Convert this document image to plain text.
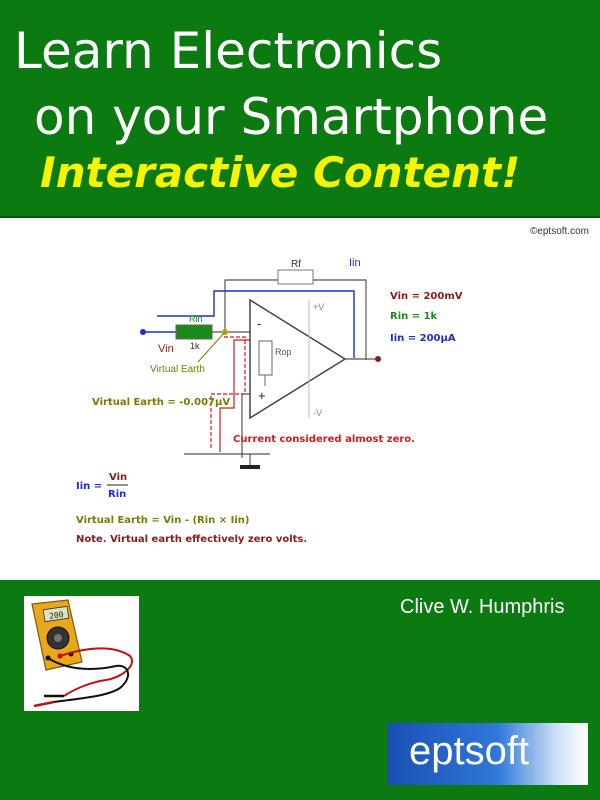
Learn Electronics
on your Smartphone
Interactive Content!
©eptsoft.com
Rf	Iin
Rin
1k
Vin
Virtual Earth
Rop
-
+
+V
-V
Vin = 200mV
Rin = 1k
Iin = 200μA
Virtual Earth = -0.007μV
Current considered almost zero.
Iin =
Vin
Rin
Virtual Earth = Vin - (Rin × Iin)
Note. Virtual earth effectively zero volts.
Clive W. Humphris
200
eptsoft
